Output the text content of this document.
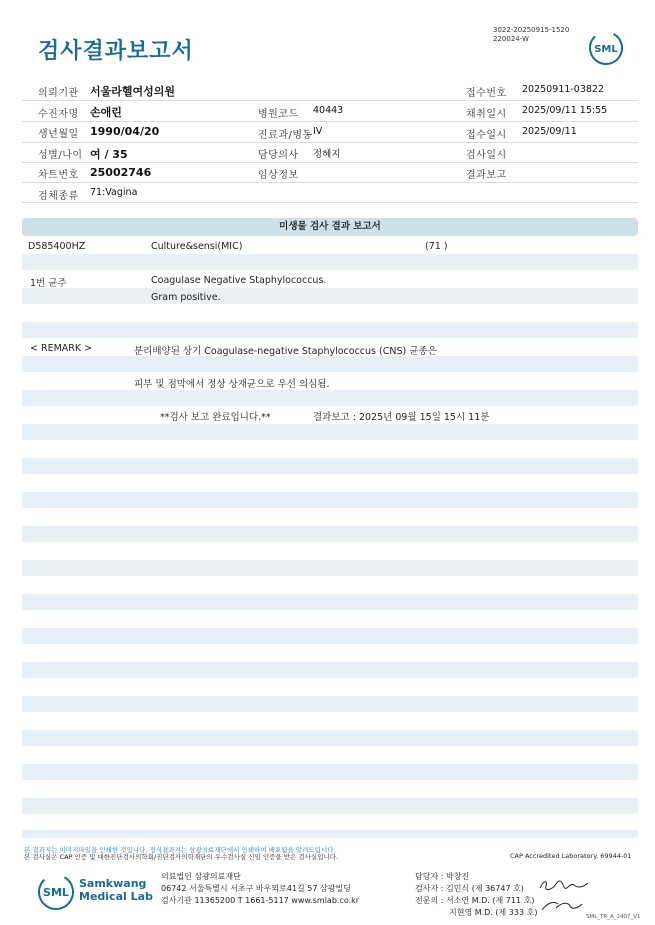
검사결과보고서
3022-20250915-1520
220024-W
SML
의뢰기관 서울라헬여성의원	접수번호 20250911-03822
수진자명 손애린	병원코드 40443	채취일시 2025/09/11 15:55
생년월일 1990/04/20	진료과/병동 IV	접수일시 2025/09/11
성별/나이 여 / 35	담당의사 정혜지	검사일시
차트번호 25002746	임상정보	결과보고
검체종류 71:Vagina
미생물 검사 결과 보고서
D585400HZ	Culture&sensi(MIC)	(71 )
1번 균주	Coagulase Negative Staphylococcus.
Gram positive.
< REMARK >	분리배양된 상기 Coagulase-negative Staphylococcus (CNS) 균종은
피부 및 점막에서 정상 상재균으로 우선 의심됨.
**검사 보고 완료입니다.**	결과보고 : 2025년 09월 15일 15시 11분
본 결과지는 이미지파일을 인쇄한 것입니다. 정식결과지는 삼광의료재단에서 인쇄하여 배포됨을 알려드립니다.
본 검사실은 CAP 인증 및 대한진단검사의학회/진단검사의학재단의 우수검사실 신임 인증을 받은 검사실입니다.	CAP Accredited Laboratory. 69944-01
SML
Samkwang
Medical Lab
의료법인 삼광의료재단
06742 서울특별시 서초구 바우뫼로41길 57 삼광빌딩
검사기관 11365200 T 1661-5117 www.smlab.co.kr
담당자 : 박창진
검사자 : 김민식 (제 36747 호)
전문의 : 서소연 M.D. (제 711 호)
지현영 M.D. (제 333 호)	SML_TR_A_2407_V1
